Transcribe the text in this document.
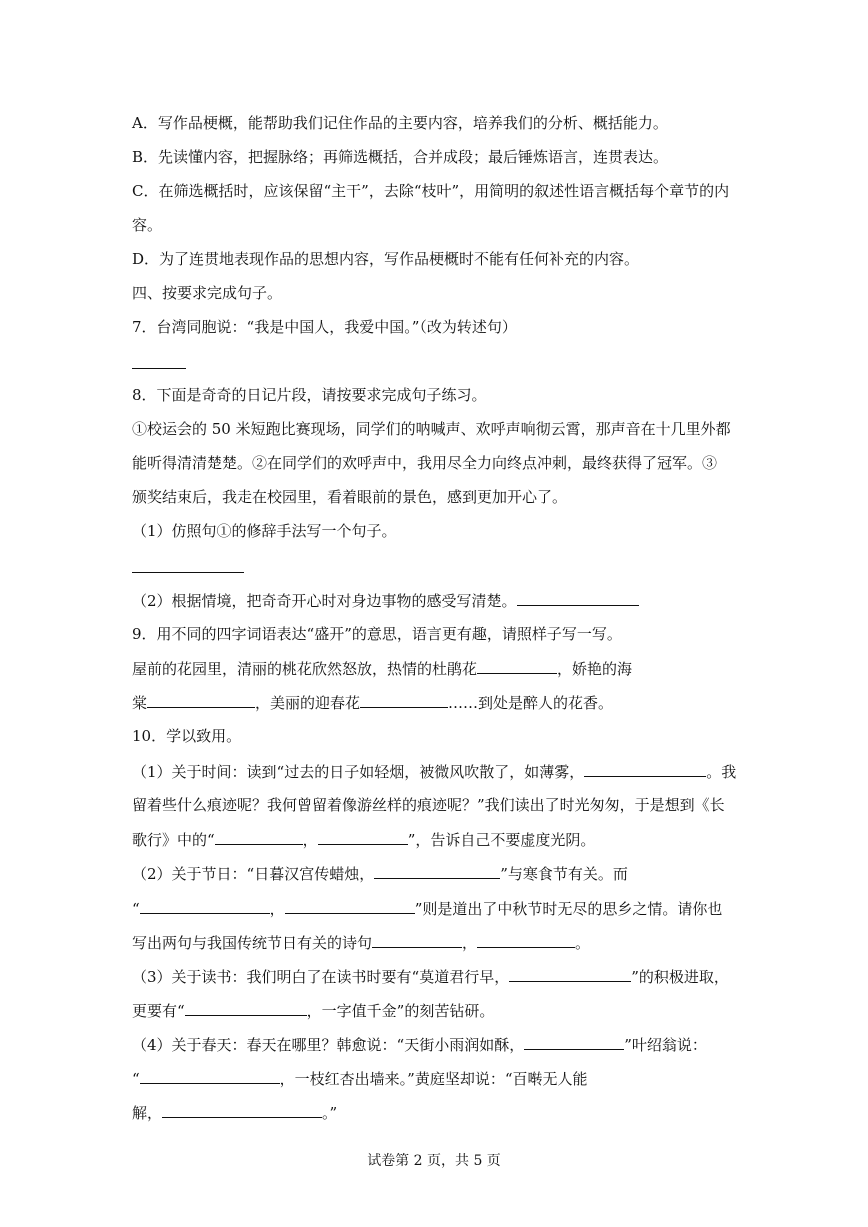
A．写作品梗概，能帮助我们记住作品的主要内容，培养我们的分析、概括能力。
B．先读懂内容，把握脉络；再筛选概括，合并成段；最后锤炼语言，连贯表达。
C．在筛选概括时，应该保留“主干”，去除“枝叶”，用简明的叙述性语言概括每个章节的内
容。
D．为了连贯地表现作品的思想内容，写作品梗概时不能有任何补充的内容。
四、按要求完成句子。
7．台湾同胞说：“我是中国人，我爱中国。”（改为转述句）
8．下面是奇奇的日记片段，请按要求完成句子练习。
①校运会的 50 米短跑比赛现场，同学们的呐喊声、欢呼声响彻云霄，那声音在十几里外都
能听得清清楚楚。②在同学们的欢呼声中，我用尽全力向终点冲刺，最终获得了冠军。③
颁奖结束后，我走在校园里，看着眼前的景色，感到更加开心了。
（1）仿照句①的修辞手法写一个句子。
（2）根据情境，把奇奇开心时对身边事物的感受写清楚。
9．用不同的四字词语表达“盛开”的意思，语言更有趣，请照样子写一写。
屋前的花园里，清丽的桃花欣然怒放，热情的杜鹃花	，娇艳的海
棠	，美丽的迎春花	……到处是醉人的花香。
10．学以致用。
（1）关于时间：读到“过去的日子如轻烟，被微风吹散了，如薄雾，	。我
留着些什么痕迹呢？我何曾留着像游丝样的痕迹呢？”我们读出了时光匆匆，于是想到《长
歌行》中的“	，	”，告诉自己不要虚度光阴。
（2）关于节日：“日暮汉宫传蜡烛，	”与寒食节有关。而
“	，	”则是道出了中秋节时无尽的思乡之情。请你也
写出两句与我国传统节日有关的诗句	，	。
（3）关于读书：我们明白了在读书时要有“莫道君行早，	”的积极进取，
更要有“	，一字值千金”的刻苦钻研。
（4）关于春天：春天在哪里？韩愈说：“天街小雨润如酥，	”叶绍翁说：
“	，一枝红杏出墙来。”黄庭坚却说：“百啭无人能
解，	。”
试卷第 2 页，共 5 页
